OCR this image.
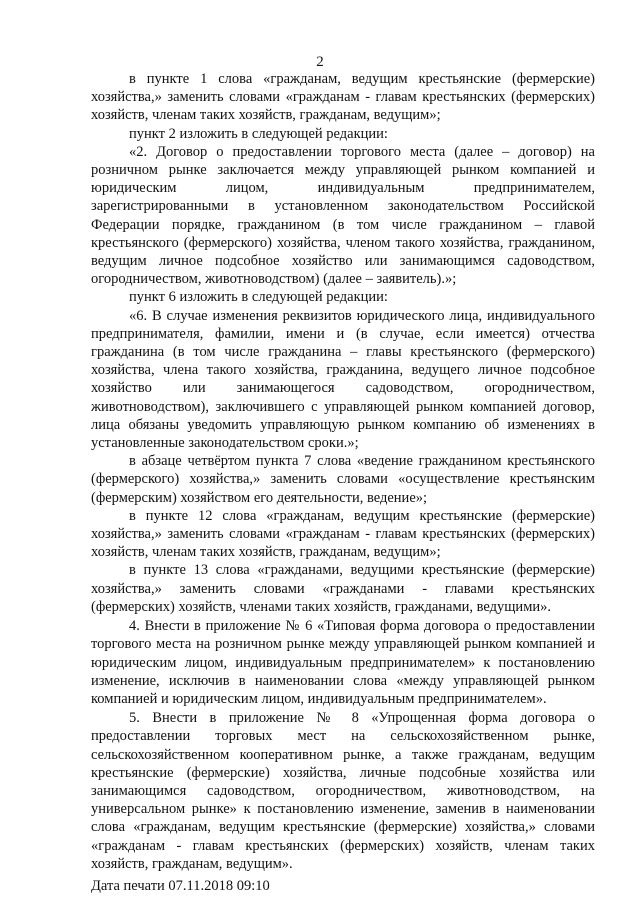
2

в пункте 1 слова «гражданам, ведущим крестьянские (фермерские) хозяйства,» заменить словами «гражданам - главам крестьянских (фермерских) хозяйств, членам таких хозяйств, гражданам, ведущим»;

пункт 2 изложить в следующей редакции:

«2. Договор о предоставлении торгового места (далее – договор) на розничном рынке заключается между управляющей рынком компанией и юридическим лицом, индивидуальным предпринимателем, зарегистрированными в установленном законодательством Российской Федерации порядке, гражданином (в том числе гражданином – главой крестьянского (фермерского) хозяйства, членом такого хозяйства, гражданином, ведущим личное подсобное хозяйство или занимающимся садоводством, огородничеством, животноводством) (далее – заявитель).»;

пункт 6 изложить в следующей редакции:

«6. В случае изменения реквизитов юридического лица, индивидуального предпринимателя, фамилии, имени и (в случае, если имеется) отчества гражданина (в том числе гражданина – главы крестьянского (фермерского) хозяйства, члена такого хозяйства, гражданина, ведущего личное подсобное хозяйство или занимающегося садоводством, огородничеством, животноводством), заключившего с управляющей рынком компанией договор, лица обязаны уведомить управляющую рынком компанию об изменениях в установленные законодательством сроки.»;

в абзаце четвёртом пункта 7 слова «ведение гражданином крестьянского (фермерского) хозяйства,» заменить словами «осуществление крестьянским (фермерским) хозяйством его деятельности, ведение»;

в пункте 12 слова «гражданам, ведущим крестьянские (фермерские) хозяйства,» заменить словами «гражданам - главам крестьянских (фермерских) хозяйств, членам таких хозяйств, гражданам, ведущим»;

в пункте 13 слова «гражданами, ведущими крестьянские (фермерские) хозяйства,» заменить словами «гражданами - главами крестьянских (фермерских) хозяйств, членами таких хозяйств, гражданами, ведущими».

4. Внести в приложение № 6 «Типовая форма договора о предоставлении торгового места на розничном рынке между управляющей рынком компанией и юридическим лицом, индивидуальным предпринимателем» к постановлению изменение, исключив в наименовании слова «между управляющей рынком компанией и юридическим лицом, индивидуальным предпринимателем».

5. Внести в приложение № 8 «Упрощенная форма договора о предоставлении торговых мест на сельскохозяйственном рынке, сельскохозяйственном кооперативном рынке, а также гражданам, ведущим крестьянские (фермерские) хозяйства, личные подсобные хозяйства или занимающимся садоводством, огородничеством, животноводством, на универсальном рынке» к постановлению изменение, заменив в наименовании слова «гражданам, ведущим крестьянские (фермерские) хозяйства,» словами «гражданам - главам крестьянских (фермерских) хозяйств, членам таких хозяйств, гражданам, ведущим».

Дата печати 07.11.2018 09:10
